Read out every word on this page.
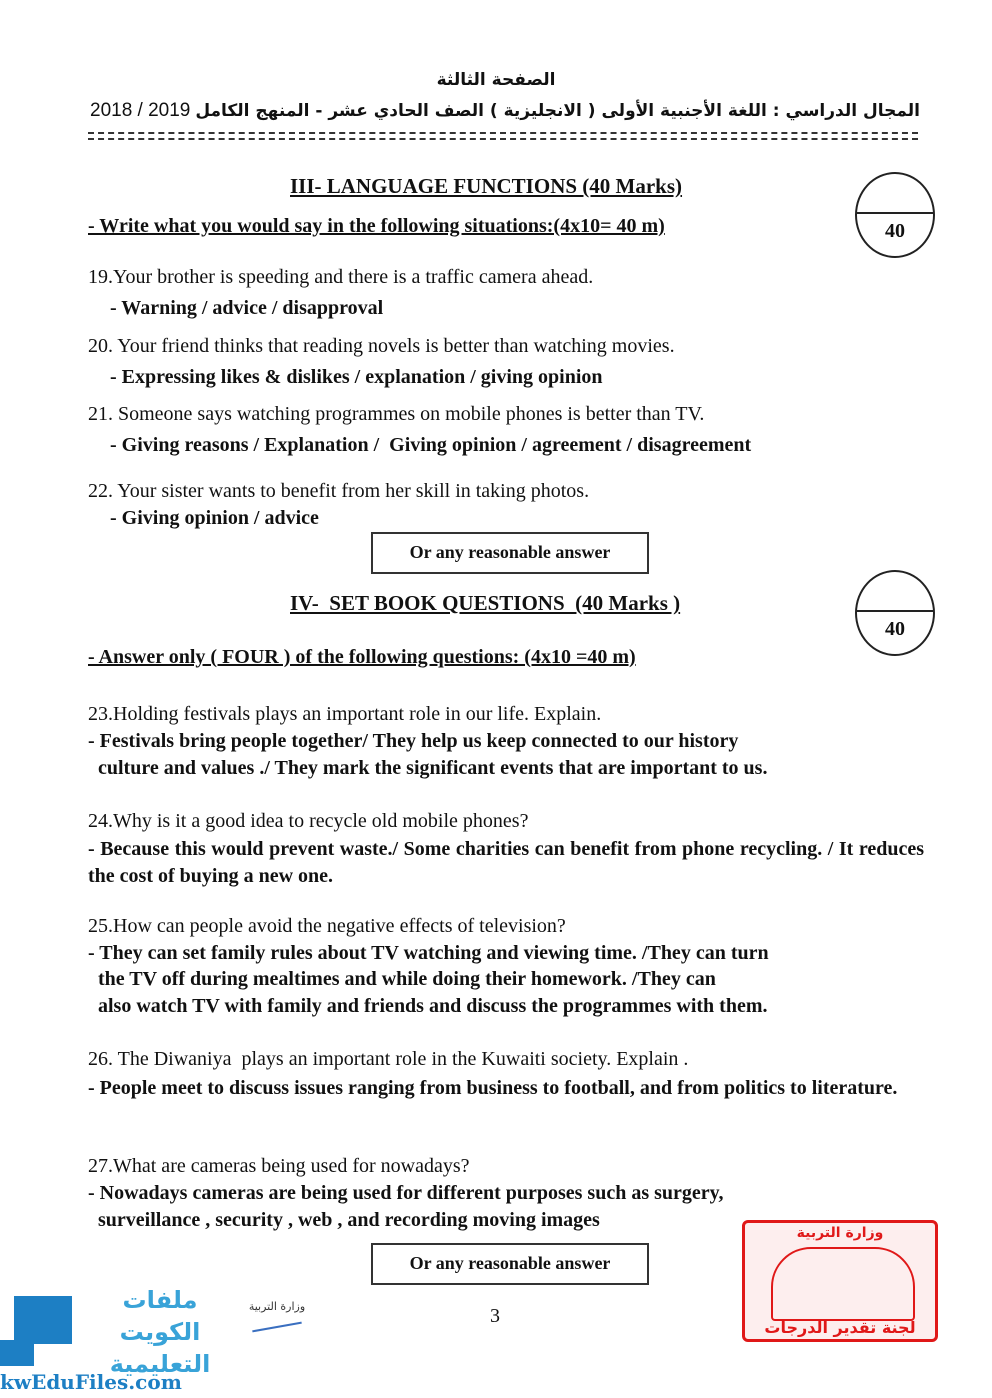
الصفحة الثالثة
2018 / 2019 المجال الدراسي : اللغة الأجنبية الأولى ( الانجليزية ) الصف الحادي عشر - المنهج الكامل
III- LANGUAGE FUNCTIONS (40 Marks)
40
- Write what you would say in the following situations:(4x10= 40 m)
19.Your brother is speeding and there is a traffic camera ahead.
- Warning / advice / disapproval
20. Your friend thinks that reading novels is better than watching movies.
- Expressing likes & dislikes / explanation / giving opinion
21. Someone says watching programmes on mobile phones is better than TV.
- Giving reasons / Explanation /  Giving opinion / agreement / disagreement
22. Your sister wants to benefit from her skill in taking photos.
- Giving opinion / advice
Or any reasonable answer
IV-  SET BOOK QUESTIONS  (40 Marks )
40
- Answer only ( FOUR ) of the following questions: (4x10 =40 m)
23.Holding festivals plays an important role in our life. Explain.
- Festivals bring people together/ They help us keep connected to our history
culture and values ./ They mark the significant events that are important to us.
24.Why is it a good idea to recycle old mobile phones?
- Because this would prevent waste./ Some charities can benefit from phone recycling. / It reduces the cost of buying a new one.
25.How can people avoid the negative effects of television?
- They can set family rules about TV watching and viewing time. /They can turn
the TV off during mealtimes and while doing their homework. /They can
also watch TV with family and friends and discuss the programmes with them.
26. The Diwaniya  plays an important role in the Kuwaiti society. Explain .
- People meet to discuss issues ranging from business to football, and from politics to literature.
27.What are cameras being used for nowadays?
- Nowadays cameras are being used for different purposes such as surgery,
surveillance , security , web , and recording moving images
Or any reasonable answer
3
وزارة التربية
لجنة تقدير الدرجات
وزارة التربية
ملفات الكويت
التعليمية
kwEduFiles.com
